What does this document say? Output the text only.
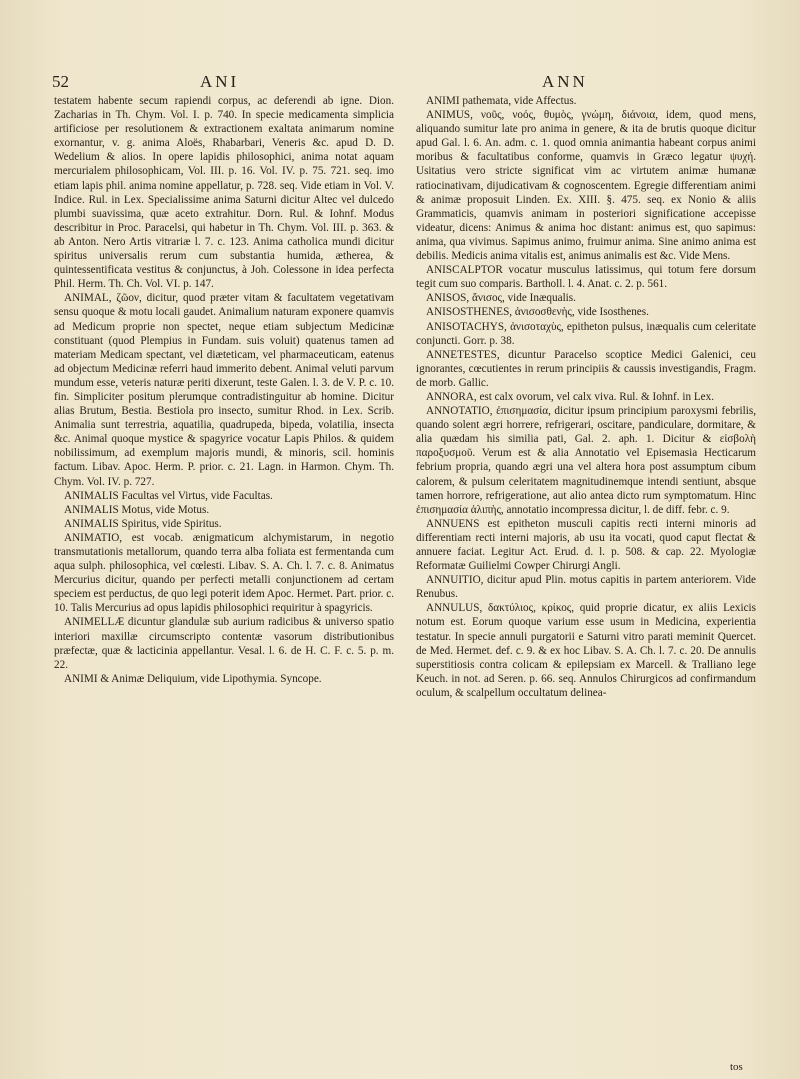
52	ANI	ANN

testatem habente secum rapiendi corpus, ac deferendi ab igne. Dion. Zacharias in Th. Chym. Vol. I. p. 740. In specie medicamenta simplicia artificiose per resolutionem & extractionem exaltata animarum nomine exornantur, v. g. anima Aloës, Rhabarbari, Veneris &c. apud D. D. Wedelium & alios. In opere lapidis philosophici, anima notat aquam mercurialem philosophicam, Vol. III. p. 16. Vol. IV. p. 75. 721. seq. imo etiam lapis phil. anima nomine appellatur, p. 728. seq. Vide etiam in Vol. V. Indice. Rul. in Lex. Specialissime anima Saturni dicitur Altec vel dulcedo plumbi suavissima, quæ aceto extrahitur. Dorn. Rul. & Iohnf. Modus describitur in Proc. Paracelsi, qui habetur in Th. Chym. Vol. III. p. 363. & ab Anton. Nero Artis vitrariæ l. 7. c. 123. Anima catholica mundi dicitur spiritus universalis rerum cum substantia humida, ætherea, & quintessentificata vestitus & conjunctus, à Joh. Colessone in idea perfecta Phil. Herm. Th. Ch. Vol. VI. p. 147.

ANIMAL, ζῶον, dicitur, quod præter vitam & facultatem vegetativam sensu quoque & motu locali gaudet. Animalium naturam exponere quamvis ad Medicum proprie non spectet, neque etiam subjectum Medicinæ constituant (quod Plempius in Fundam. suis voluit) quatenus tamen ad materiam Medicam spectant, vel diæteticam, vel pharmaceuticam, eatenus ad objectum Medicinæ referri haud immerito debent. Animal veluti parvum mundum esse, veteris naturæ periti dixerunt, teste Galen. l. 3. de V. P. c. 10. fin. Simpliciter positum plerumque contradistinguitur ab homine. Dicitur alias Brutum, Bestia. Bestiola pro insecto, sumitur Rhod. in Lex. Scrib. Animalia sunt terrestria, aquatilia, quadrupeda, bipeda, volatilia, insecta &c. Animal quoque mystice & spagyrice vocatur Lapis Philos. & quidem nobilissimum, ad exemplum majoris mundi, & minoris, scil. hominis factum. Libav. Apoc. Herm. P. prior. c. 21. Lagn. in Harmon. Chym. Th. Chym. Vol. IV. p. 727.

ANIMALIS Facultas vel Virtus, vide Facultas.

ANIMALIS Motus, vide Motus.

ANIMALIS Spiritus, vide Spiritus.

ANIMATIO, est vocab. ænigmaticum alchymistarum, in negotio transmutationis metallorum, quando terra alba foliata est fermentanda cum aqua sulph. philosophica, vel cœlesti. Libav. S. A. Ch. l. 7. c. 8. Animatus Mercurius dicitur, quando per perfecti metalli conjunctionem ad certam speciem est perductus, de quo legi poterit idem Apoc. Hermet. Part. prior. c. 10. Talis Mercurius ad opus lapidis philosophici requiritur à spagyricis.

ANIMELLÆ dicuntur glandulæ sub aurium radicibus & universo spatio interiori maxillæ circumscripto contentæ vasorum distributionibus præfectæ, quæ & lacticinia appellantur. Vesal. l. 6. de H. C. F. c. 5. p. m. 22.

ANIMI & Animæ Deliquium, vide Lipothymia. Syncope.

ANIMI pathemata, vide Affectus.

ANIMUS, νοῦς, νοός, θυμὸς, γνώμη, διάνοια, idem, quod mens, aliquando sumitur late pro anima in genere, & ita de brutis quoque dicitur apud Gal. l. 6. An. adm. c. 1. quod omnia animantia habeant corpus animi moribus & facultatibus conforme, quamvis in Græco legatur ψυχή. Usitatius vero stricte significat vim ac virtutem animæ humanæ ratiocinativam, dijudicativam & cognoscentem. Egregie differentiam animi & animæ proposuit Linden. Ex. XIII. §. 475. seq. ex Nonio & aliis Grammaticis, quamvis animam in posteriori significatione accepisse videatur, dicens: Animus & anima hoc distant: animus est, quo sapimus: anima, qua vivimus. Sapimus animo, fruimur anima. Sine animo anima est debilis. Medicis anima vitalis est, animus animalis est &c. Vide Mens.

ANISCALPTOR vocatur musculus latissimus, qui totum fere dorsum tegit cum suo comparis. Bartholl. l. 4. Anat. c. 2. p. 561.

ANISOS, ἄνισος, vide Inæqualis.

ANISOSTHENES, ἀνισοσθενὴς, vide Isosthenes.

ANISOTACHYS, ἀνισοταχὺς, epitheton pulsus, inæqualis cum celeritate conjuncti. Gorr. p. 38.

ANNETESTES, dicuntur Paracelso scoptice Medici Galenici, ceu ignorantes, cœcutientes in rerum principiis & caussis investigandis, Fragm. de morb. Gallic.

ANNORA, est calx ovorum, vel calx viva. Rul. & Iohnf. in Lex.

ANNOTATIO, ἐπισημασία, dicitur ipsum principium paroxysmi febrilis, quando solent ægri horrere, refrigerari, oscitare, pandiculare, dormitare, & alia quædam his similia pati, Gal. 2. aph. 1. Dicitur & εἰσβολὴ παροξυσμοῦ. Verum est & alia Annotatio vel Episemasia Hecticarum febrium propria, quando ægri una vel altera hora post assumptum cibum calorem, & pulsum celeritatem magnitudinemque intendi sentiunt, absque tamen horrore, refrigeratione, aut alio antea dicto rum symptomatum. Hinc ἐπισημασία ἀλιπὴς, annotatio incompressa dicitur, l. de diff. febr. c. 9.

ANNUENS est epitheton musculi capitis recti interni minoris ad differentiam recti interni majoris, ab usu ita vocati, quod caput flectat & annuere faciat. Legitur Act. Erud. d. l. p. 508. & cap. 22. Myologiæ Reformatæ Guilielmi Cowper Chirurgi Angli.

ANNUITIO, dicitur apud Plin. motus capitis in partem anteriorem. Vide Renubus.

ANNULUS, δακτύλιος, κρίκος, quid proprie dicatur, ex aliis Lexicis notum est. Eorum quoque varium esse usum in Medicina, experientia testatur. In specie annuli purgatorii e Saturni vitro parati meminit Quercet. de Med. Hermet. def. c. 9. & ex hoc Libav. S. A. Ch. l. 7. c. 20. De annulis superstitiosis contra colicam & epilepsiam ex Marcell. & Tralliano lege Keuch. in not. ad Seren. p. 66. seq. Annulos Chirurgicos ad confirmandum oculum, & scalpellum occultatum delinea-

tos
